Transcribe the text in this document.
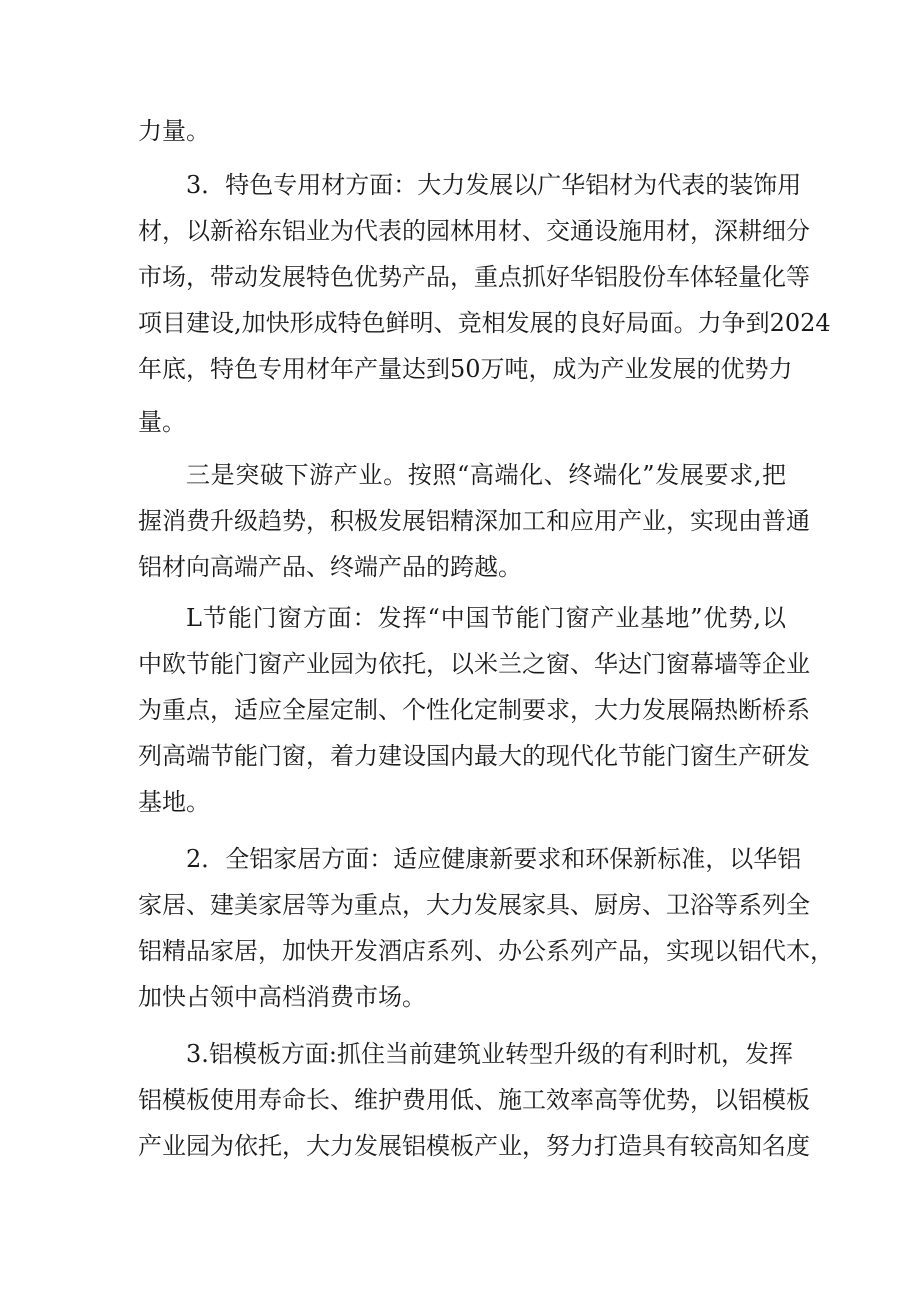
力量。
3．特色专用材方面：大力发展以广华铝材为代表的装饰用
材，以新裕东铝业为代表的园林用材、交通设施用材，深耕细分
市场，带动发展特色优势产品，重点抓好华铝股份车体轻量化等
项目建设,加快形成特色鲜明、竞相发展的良好局面。力争到2024
年底，特色专用材年产量达到50万吨，成为产业发展的优势力
量。
三是突破下游产业。按照“高端化、终端化”发展要求,把
握消费升级趋势，积极发展铝精深加工和应用产业，实现由普通
铝材向高端产品、终端产品的跨越。
L节能门窗方面：发挥“中国节能门窗产业基地”优势,以
中欧节能门窗产业园为依托，以米兰之窗、华达门窗幕墙等企业
为重点，适应全屋定制、个性化定制要求，大力发展隔热断桥系
列高端节能门窗，着力建设国内最大的现代化节能门窗生产研发
基地。
2．全铝家居方面：适应健康新要求和环保新标准，以华铝
家居、建美家居等为重点，大力发展家具、厨房、卫浴等系列全
铝精品家居，加快开发酒店系列、办公系列产品，实现以铝代木，
加快占领中高档消费市场。
3.铝模板方面:抓住当前建筑业转型升级的有利时机，发挥
铝模板使用寿命长、维护费用低、施工效率高等优势，以铝模板
产业园为依托，大力发展铝模板产业，努力打造具有较高知名度
